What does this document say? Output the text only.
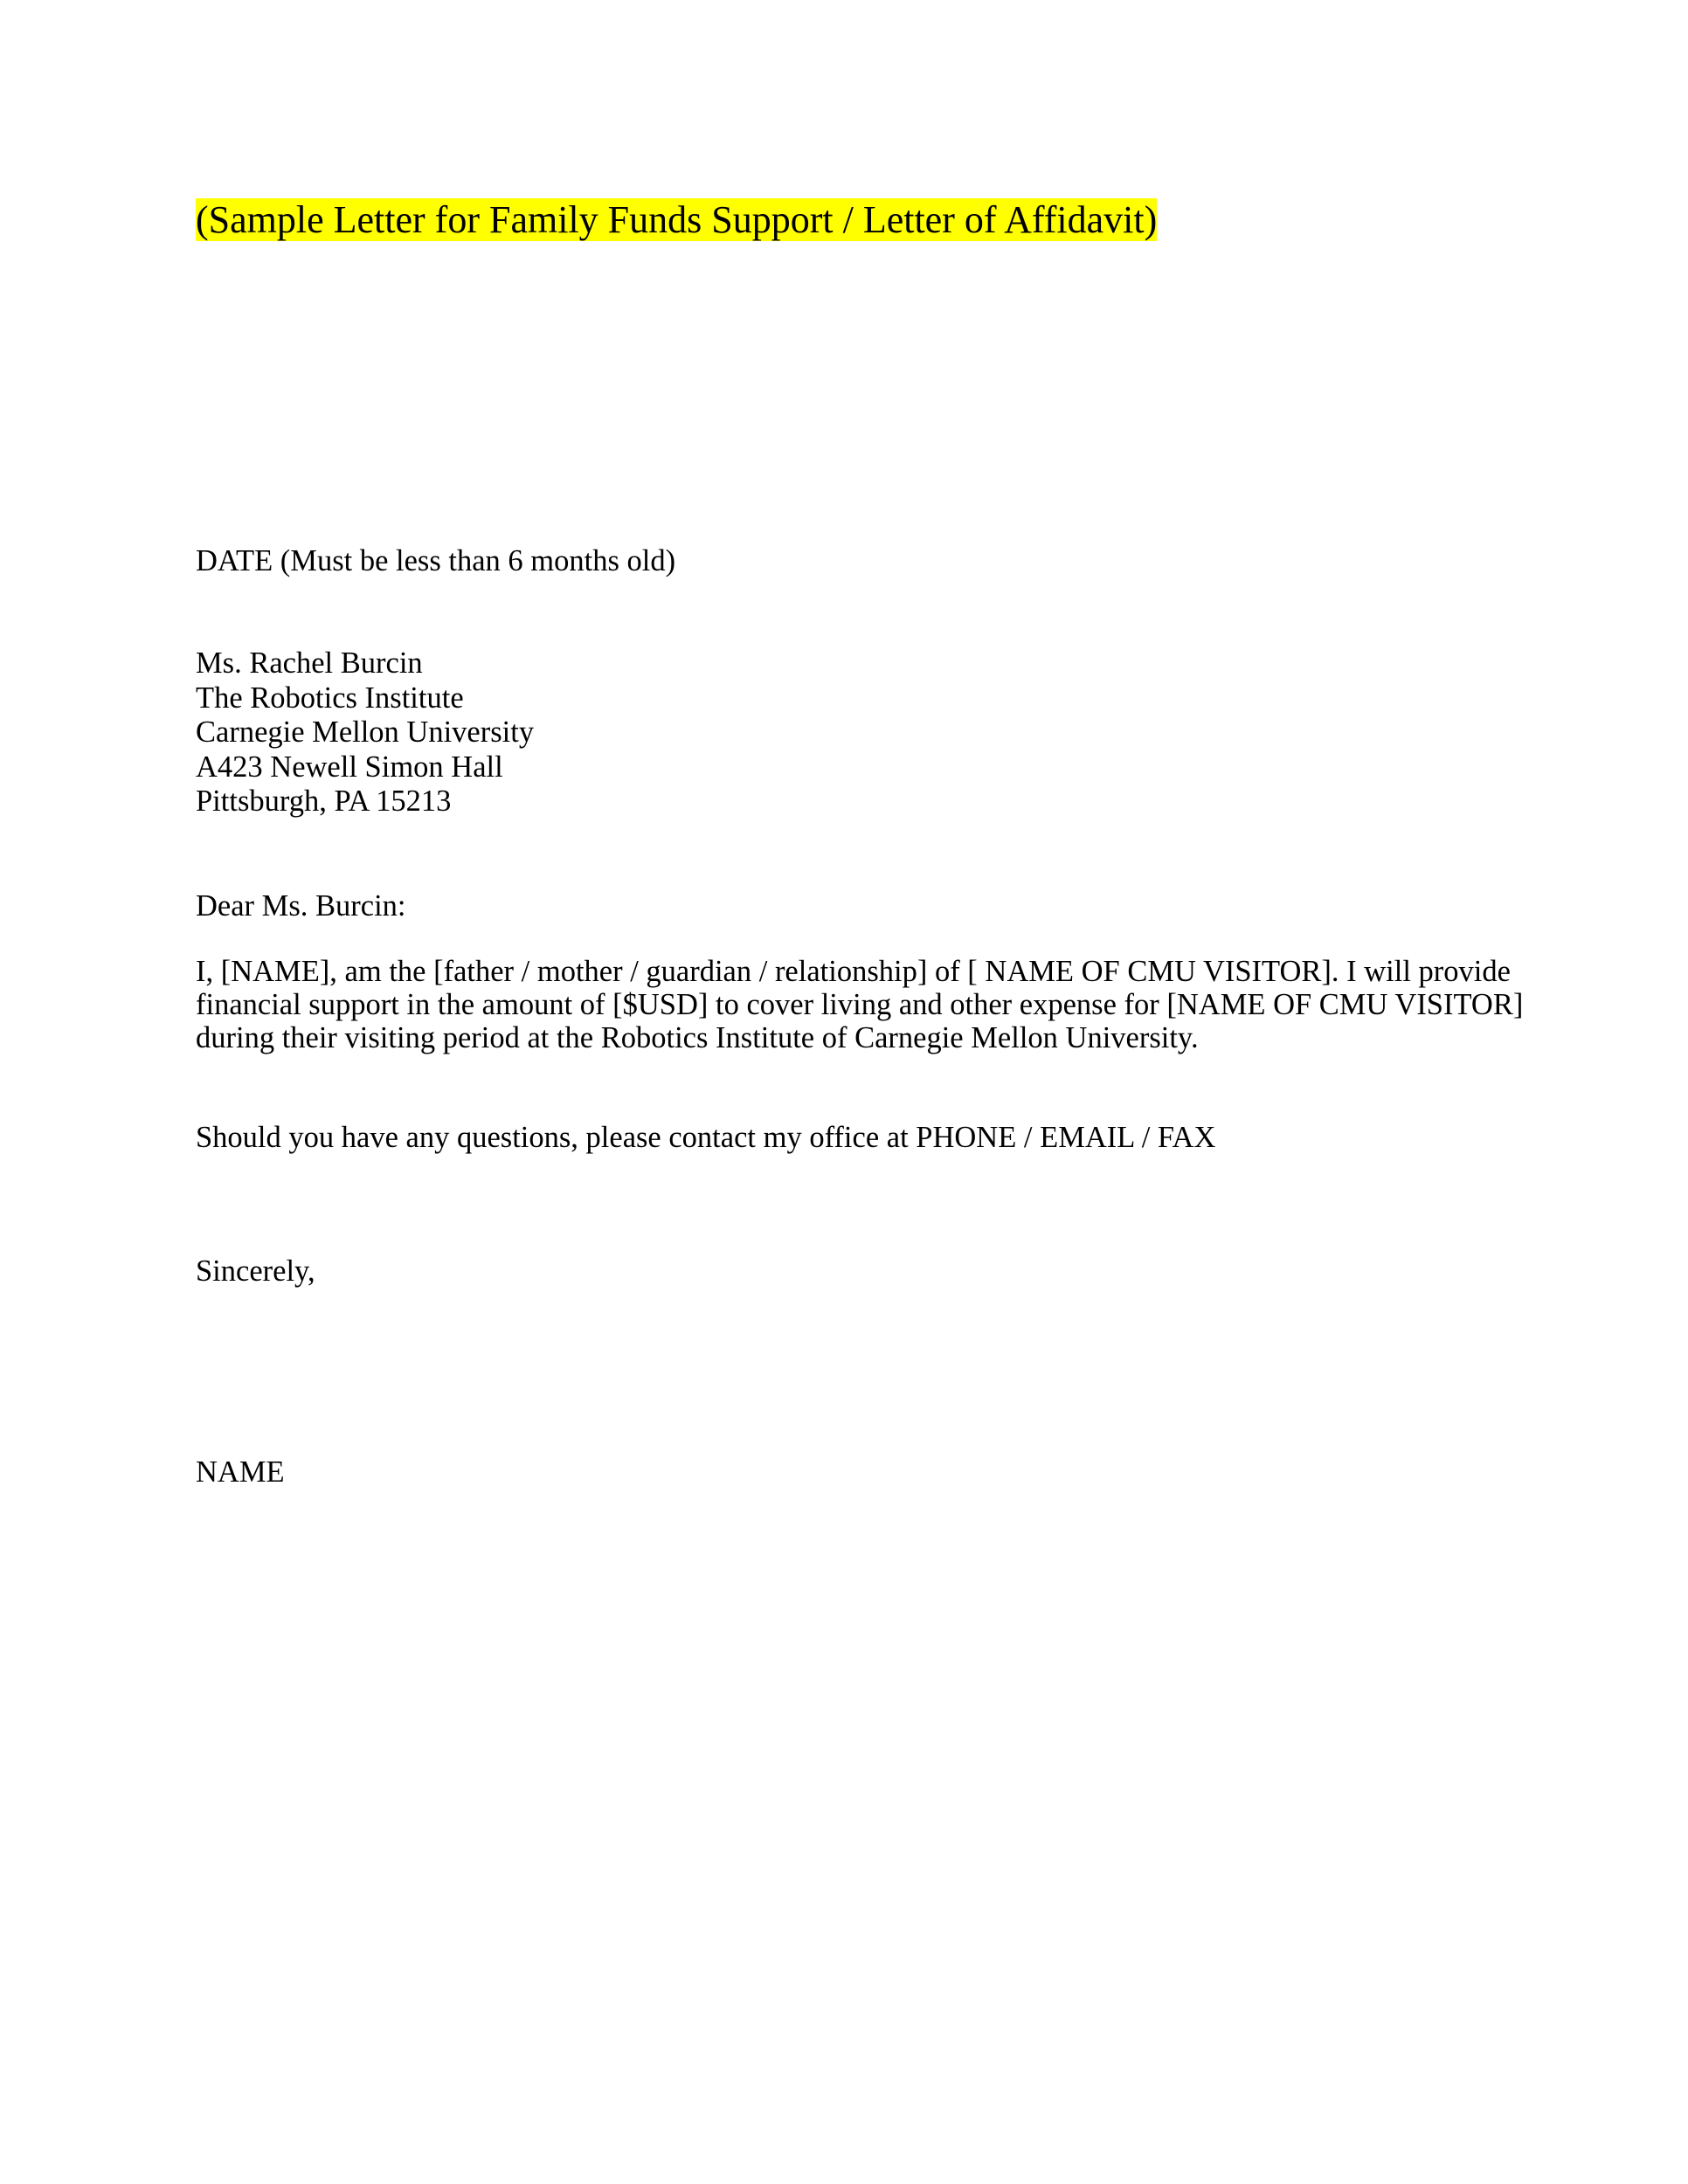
(Sample Letter for Family Funds Support / Letter of Affidavit)
DATE (Must be less than 6 months old)
Ms. Rachel Burcin
The Robotics Institute
Carnegie Mellon University
A423 Newell Simon Hall
Pittsburgh, PA 15213
Dear Ms. Burcin:
I, [NAME], am the [father / mother / guardian / relationship] of [ NAME OF CMU VISITOR]. I will provide
financial support in the amount of [$USD] to cover living and other expense for [NAME OF CMU VISITOR]
during their visiting period at the Robotics Institute of Carnegie Mellon University.
Should you have any questions, please contact my office at PHONE / EMAIL / FAX
Sincerely,
NAME
